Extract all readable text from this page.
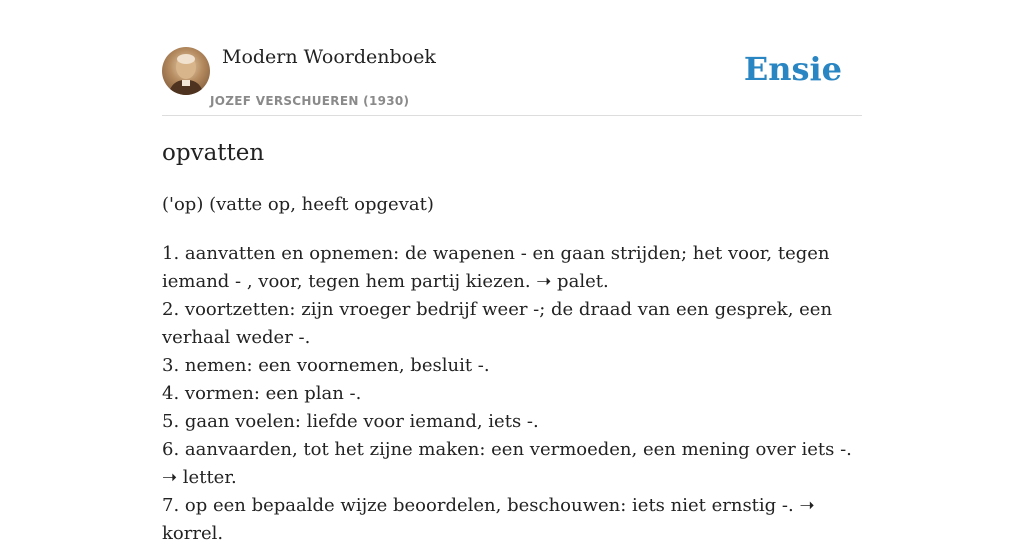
Modern Woordenboek
JOZEF VERSCHUEREN (1930)
Ensie
opvatten
('op) (vatte op, heeft opgevat)
1. aanvatten en opnemen: de wapenen - en gaan strijden; het voor, tegen iemand - , voor, tegen hem partij kiezen. ➝ palet.
2. voortzetten: zijn vroeger bedrijf weer -; de draad van een gesprek, een verhaal weder -.
3. nemen: een voornemen, besluit -.
4. vormen: een plan -.
5. gaan voelen: liefde voor iemand, iets -.
6. aanvaarden, tot het zijne maken: een vermoeden, een mening over iets -. ➝ letter.
7. op een bepaalde wijze beoordelen, beschouwen: iets niet ernstig -. ➝ korrel.
